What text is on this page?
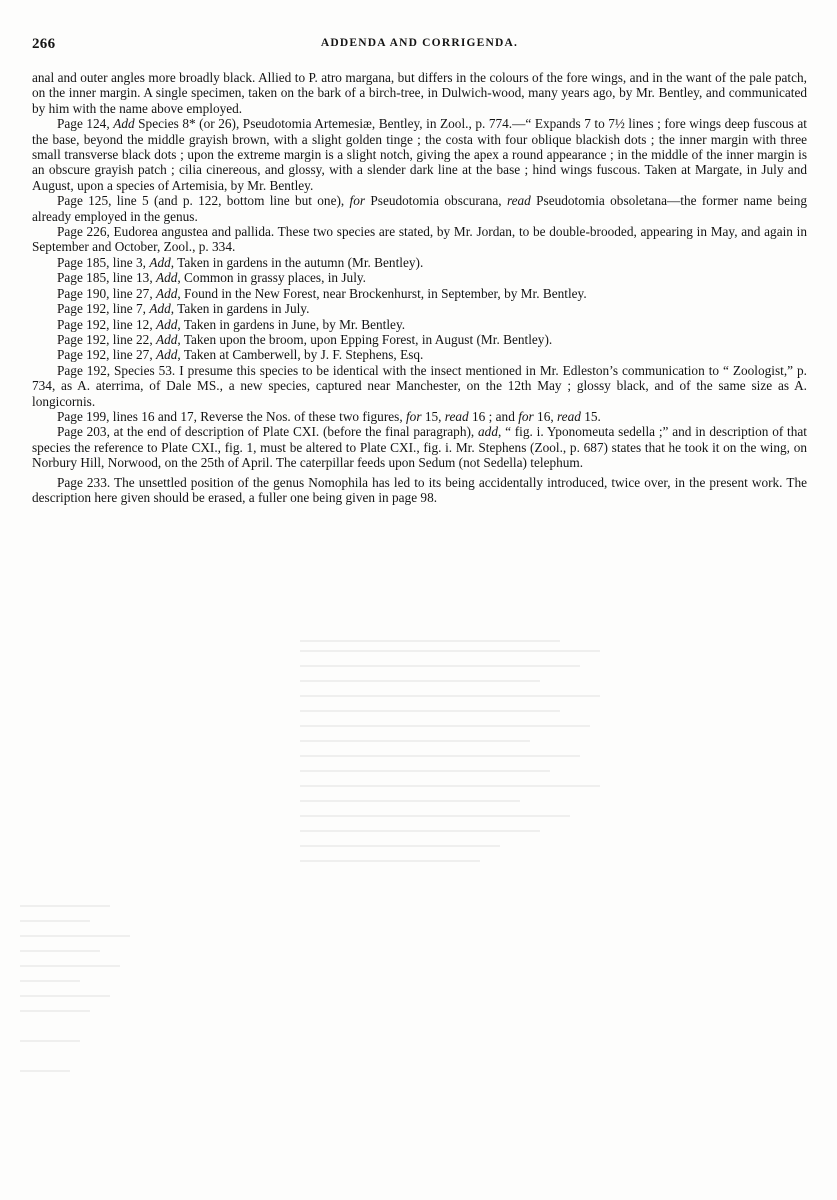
266	ADDENDA AND CORRIGENDA.

anal and outer angles more broadly black. Allied to P. atro margana, but differs in the colours of the fore wings, and in the want of the pale patch, on the inner margin. A single specimen, taken on the bark of a birch-tree, in Dulwich-wood, many years ago, by Mr. Bentley, and communicated by him with the name above employed.

Page 124, Add Species 8* (or 26), Pseudotomia Artemesiæ, Bentley, in Zool., p. 774.—“ Expands 7 to 7½ lines ; fore wings deep fuscous at the base, beyond the middle grayish brown, with a slight golden tinge ; the costa with four oblique blackish dots ; the inner margin with three small transverse black dots ; upon the extreme margin is a slight notch, giving the apex a round appearance ; in the middle of the inner margin is an obscure grayish patch ; cilia cinereous, and glossy, with a slender dark line at the base ; hind wings fuscous. Taken at Margate, in July and August, upon a species of Artemisia, by Mr. Bentley.

Page 125, line 5 (and p. 122, bottom line but one), for Pseudotomia obscurana, read Pseudotomia obsoletana—the former name being already employed in the genus.

Page 226, Eudorea angustea and pallida. These two species are stated, by Mr. Jordan, to be double-brooded, appearing in May, and again in September and October, Zool., p. 334.

Page 185, line 3, Add, Taken in gardens in the autumn (Mr. Bentley).

Page 185, line 13, Add, Common in grassy places, in July.

Page 190, line 27, Add, Found in the New Forest, near Brockenhurst, in September, by Mr. Bentley.

Page 192, line 7, Add, Taken in gardens in July.

Page 192, line 12, Add, Taken in gardens in June, by Mr. Bentley.

Page 192, line 22, Add, Taken upon the broom, upon Epping Forest, in August (Mr. Bentley).

Page 192, line 27, Add, Taken at Camberwell, by J. F. Stephens, Esq.

Page 192, Species 53. I presume this species to be identical with the insect mentioned in Mr. Edleston’s communication to “ Zoologist,” p. 734, as A. aterrima, of Dale MS., a new species, captured near Manchester, on the 12th May ; glossy black, and of the same size as A. longicornis.

Page 199, lines 16 and 17, Reverse the Nos. of these two figures, for 15, read 16 ; and for 16, read 15.

Page 203, at the end of description of Plate CXI. (before the final paragraph), add, “ fig. i. Yponomeuta sedella ;” and in description of that species the reference to Plate CXI., fig. 1, must be altered to Plate CXI., fig. i. Mr. Stephens (Zool., p. 687) states that he took it on the wing, on Norbury Hill, Norwood, on the 25th of April. The caterpillar feeds upon Sedum (not Sedella) telephum.

Page 233. The unsettled position of the genus Nomophila has led to its being accidentally introduced, twice over, in the present work. The description here given should be erased, a fuller one being given in page 98.
